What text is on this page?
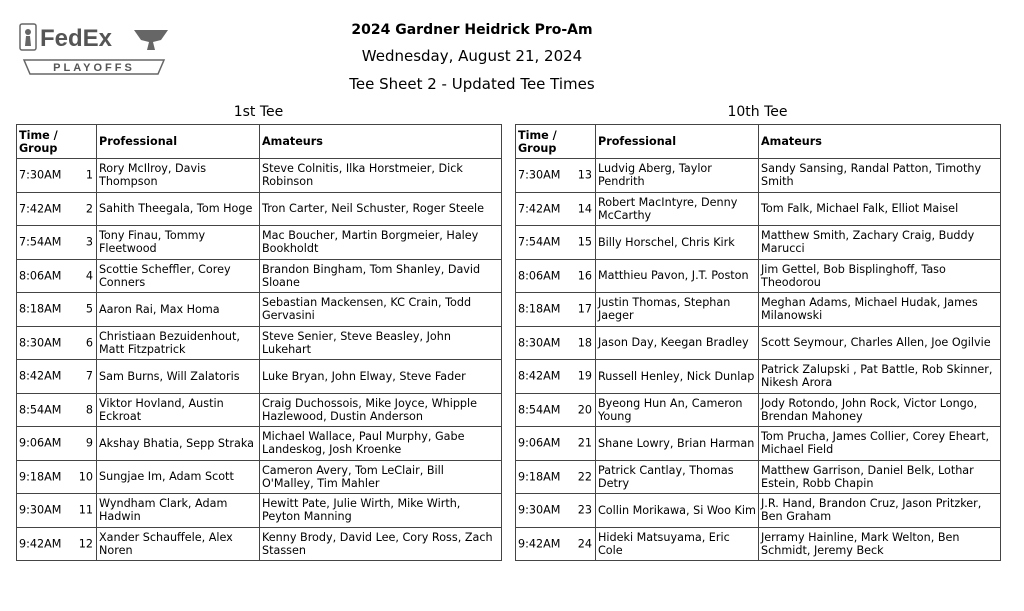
FedEx
PLAYOFFS
2024 Gardner Heidrick Pro-Am
Wednesday, August 21, 2024
Tee Sheet 2 - Updated Tee Times
1st Tee	10th Tee
Time / Group	Professional	Amateurs

7:30AM 1	Rory McIlroy, Davis Thompson	Steve Colnitis, Ilka Horstmeier, Dick Robinson

7:42AM 2	Sahith Theegala, Tom Hoge	Tron Carter, Neil Schuster, Roger Steele

7:54AM 3	Tony Finau, Tommy Fleetwood	Mac Boucher, Martin Borgmeier, Haley Bookholdt

8:06AM 4	Scottie Scheffler, Corey Conners	Brandon Bingham, Tom Shanley, David Sloane

8:18AM 5	Aaron Rai, Max Homa	Sebastian Mackensen, KC Crain, Todd Gervasini

8:30AM 6	Christiaan Bezuidenhout, Matt Fitzpatrick	Steve Senier, Steve Beasley, John Lukehart

8:42AM 7	Sam Burns, Will Zalatoris	Luke Bryan, John Elway, Steve Fader

8:54AM 8	Viktor Hovland, Austin Eckroat	Craig Duchossois, Mike Joyce, Whipple Hazlewood, Dustin Anderson

9:06AM 9	Akshay Bhatia, Sepp Straka	Michael Wallace, Paul Murphy, Gabe Landeskog, Josh Kroenke

9:18AM 10	Sungjae Im, Adam Scott	Cameron Avery, Tom LeClair, Bill O'Malley, Tim Mahler

9:30AM 11	Wyndham Clark, Adam Hadwin	Hewitt Pate, Julie Wirth, Mike Wirth, Peyton Manning

9:42AM 12	Xander Schauffele, Alex Noren	Kenny Brody, David Lee, Cory Ross, Zach Stassen
Time / Group	Professional	Amateurs

7:30AM 13	Ludvig Aberg, Taylor Pendrith	Sandy Sansing, Randal Patton, Timothy Smith

7:42AM 14	Robert MacIntyre, Denny McCarthy	Tom Falk, Michael Falk, Elliot Maisel

7:54AM 15	Billy Horschel, Chris Kirk	Matthew Smith, Zachary Craig, Buddy Marucci

8:06AM 16	Matthieu Pavon, J.T. Poston	Jim Gettel, Bob Bisplinghoff, Taso Theodorou

8:18AM 17	Justin Thomas, Stephan Jaeger	Meghan Adams, Michael Hudak, James Milanowski

8:30AM 18	Jason Day, Keegan Bradley	Scott Seymour, Charles Allen, Joe Ogilvie

8:42AM 19	Russell Henley, Nick Dunlap	Patrick Zalupski , Pat Battle, Rob Skinner, Nikesh Arora

8:54AM 20	Byeong Hun An, Cameron Young	Jody Rotondo, John Rock, Victor Longo, Brendan Mahoney

9:06AM 21	Shane Lowry, Brian Harman	Tom Prucha, James Collier, Corey Eheart, Michael Field

9:18AM 22	Patrick Cantlay, Thomas Detry	Matthew Garrison, Daniel Belk, Lothar Estein, Robb Chapin

9:30AM 23	Collin Morikawa, Si Woo Kim	J.R. Hand, Brandon Cruz, Jason Pritzker, Ben Graham

9:42AM 24	Hideki Matsuyama, Eric Cole	Jerramy Hainline, Mark Welton, Ben Schmidt, Jeremy Beck
